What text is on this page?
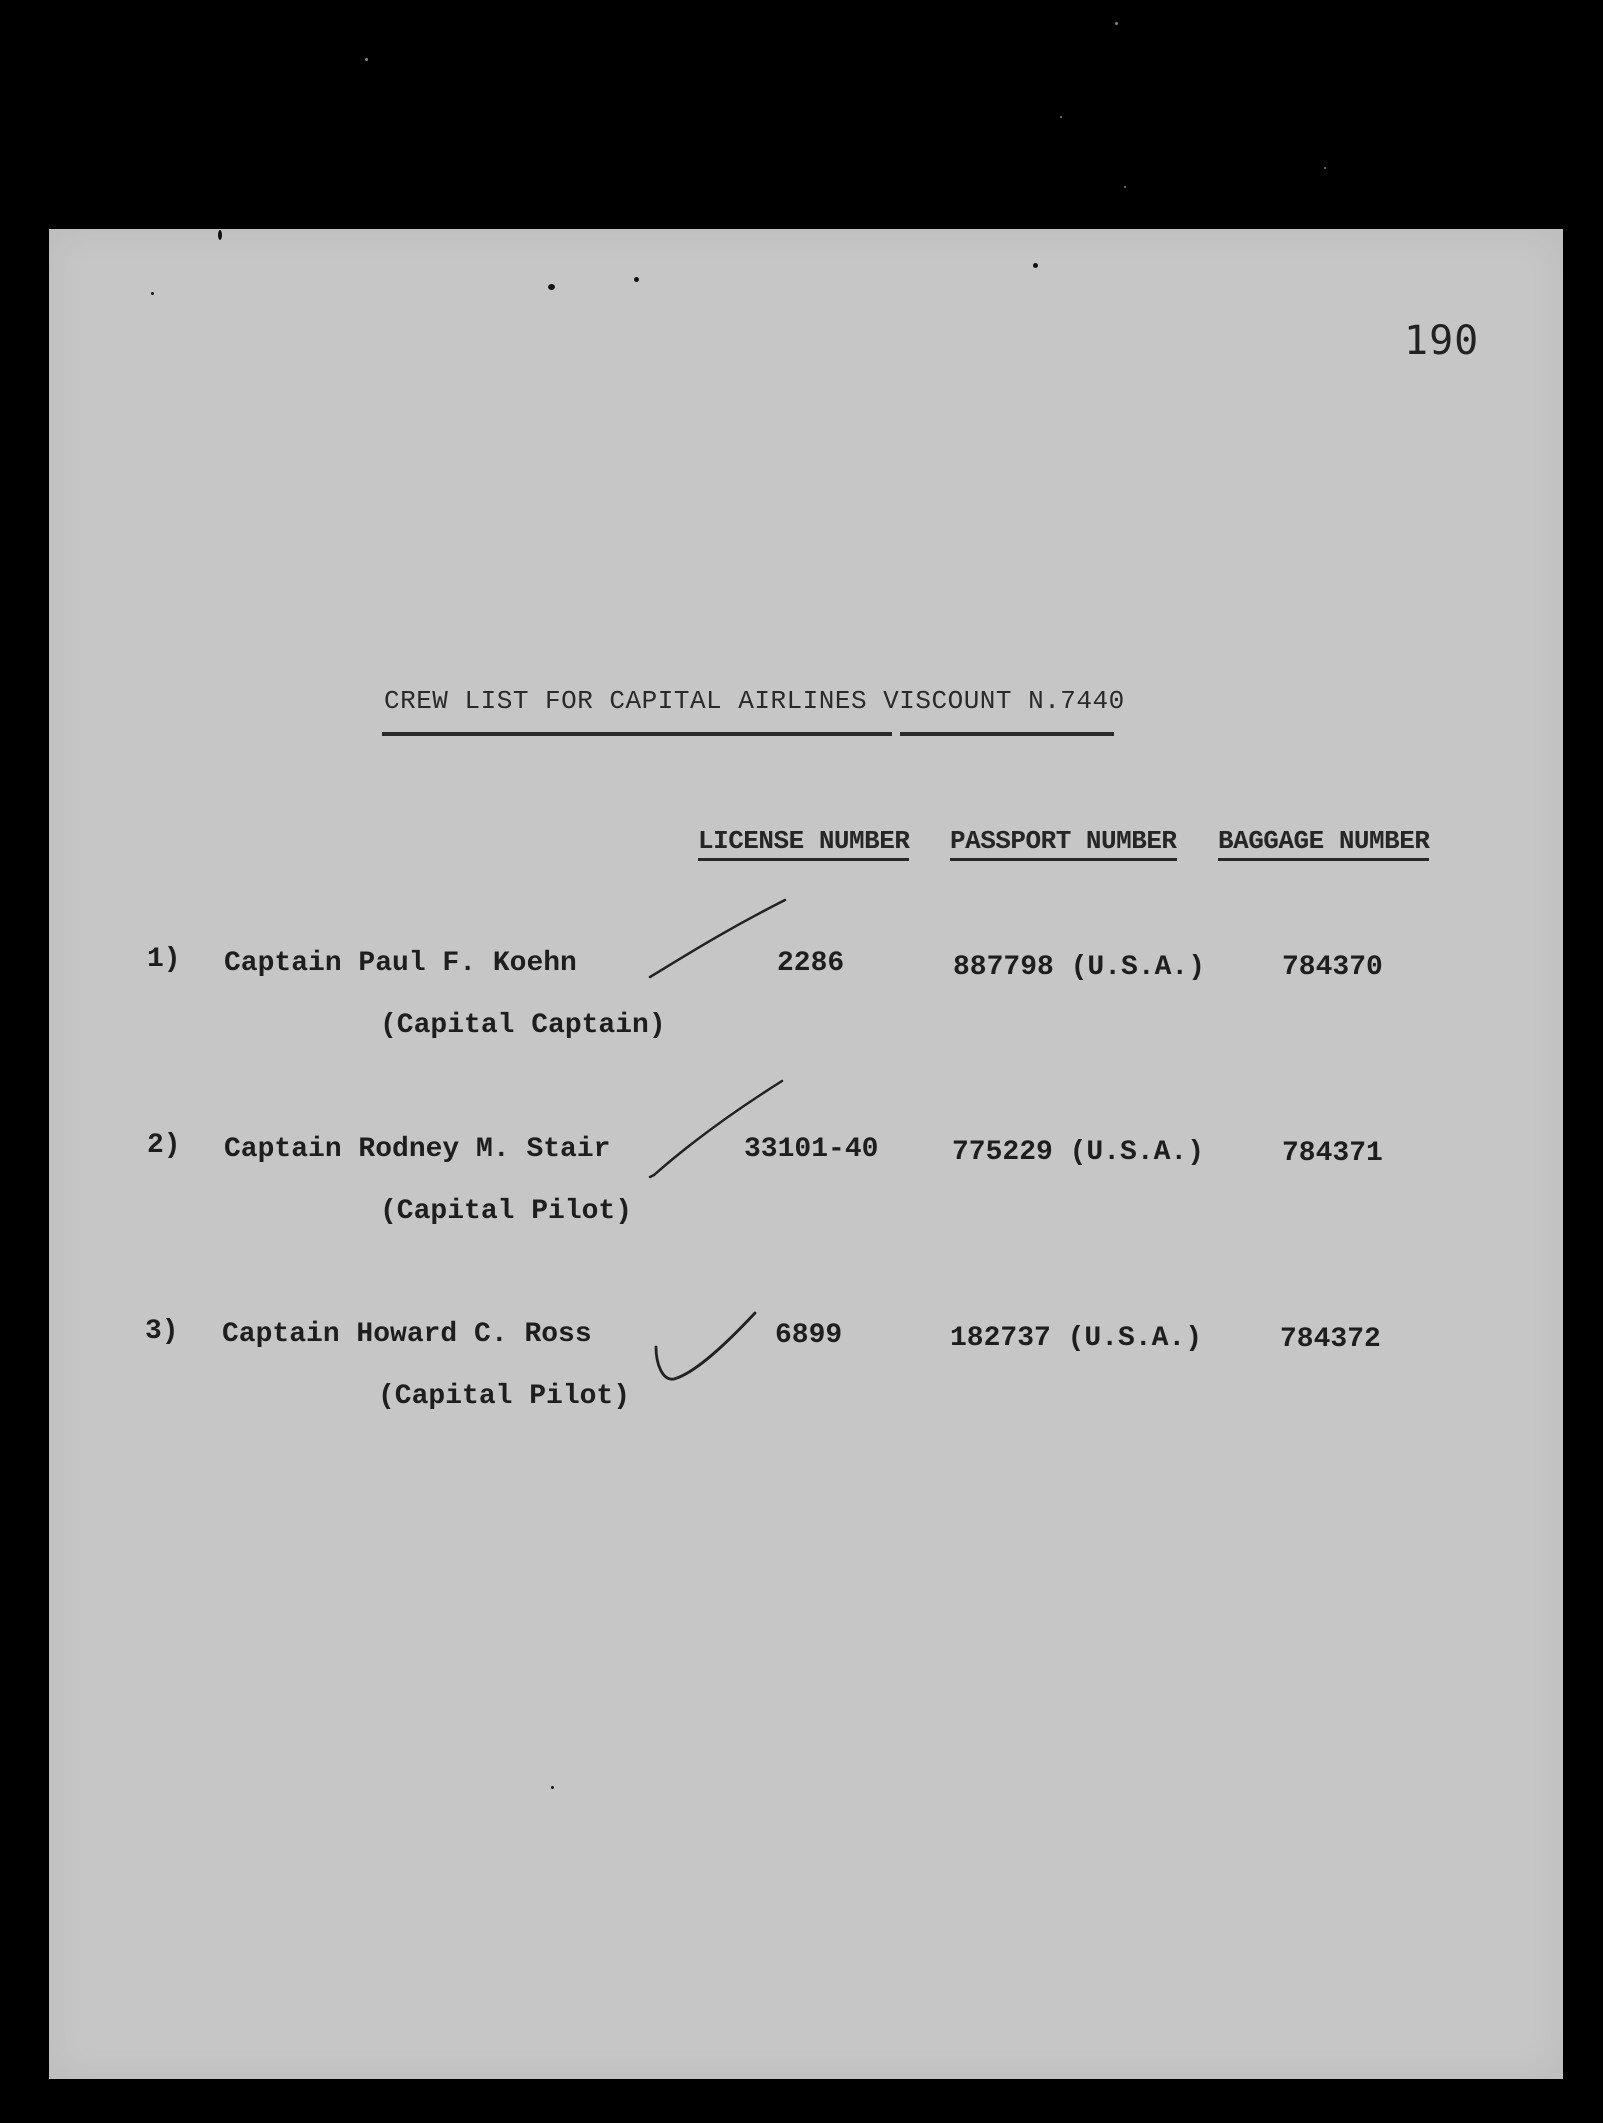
190
CREW LIST FOR CAPITAL AIRLINES VISCOUNT N.7440
LICENSE NUMBER PASSPORT NUMBER BAGGAGE NUMBER
1) Captain Paul F. Koehn
(Capital Captain)
2286	887798 (U.S.A.)	784370
2) Captain Rodney M. Stair
(Capital Pilot)
33101-40	775229 (U.S.A.)	784371
3) Captain Howard C. Ross
(Capital Pilot)
6899	182737 (U.S.A.)	784372
